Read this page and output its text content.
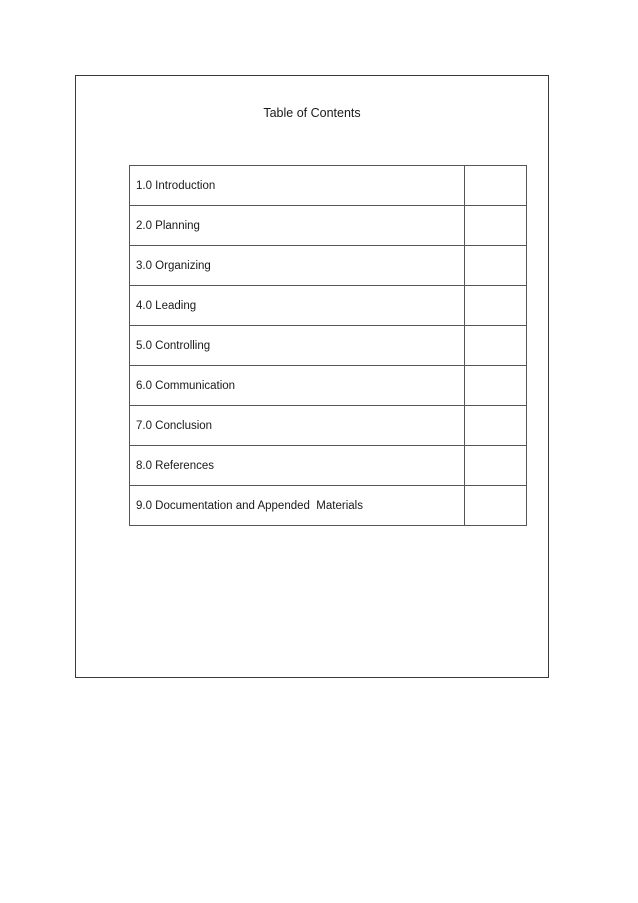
Table of Contents
1.0 Introduction	
2.0 Planning	
3.0 Organizing	
4.0 Leading	
5.0 Controlling	
6.0 Communication	
7.0 Conclusion	
8.0 References	
9.0 Documentation and Appended  Materials	
